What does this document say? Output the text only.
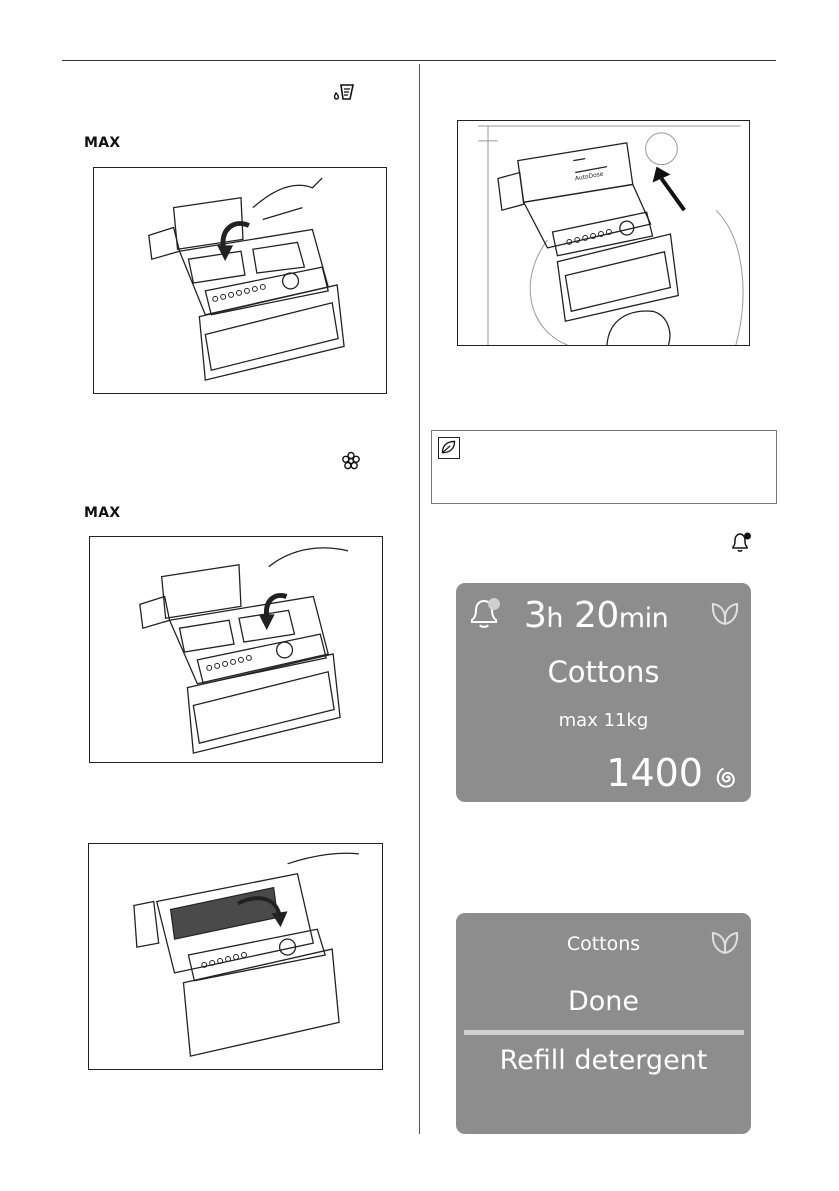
MAX
MAX
AutoDose
3h 20min
Cottons
max 11kg
1400
Cottons
Done
Refill detergent
